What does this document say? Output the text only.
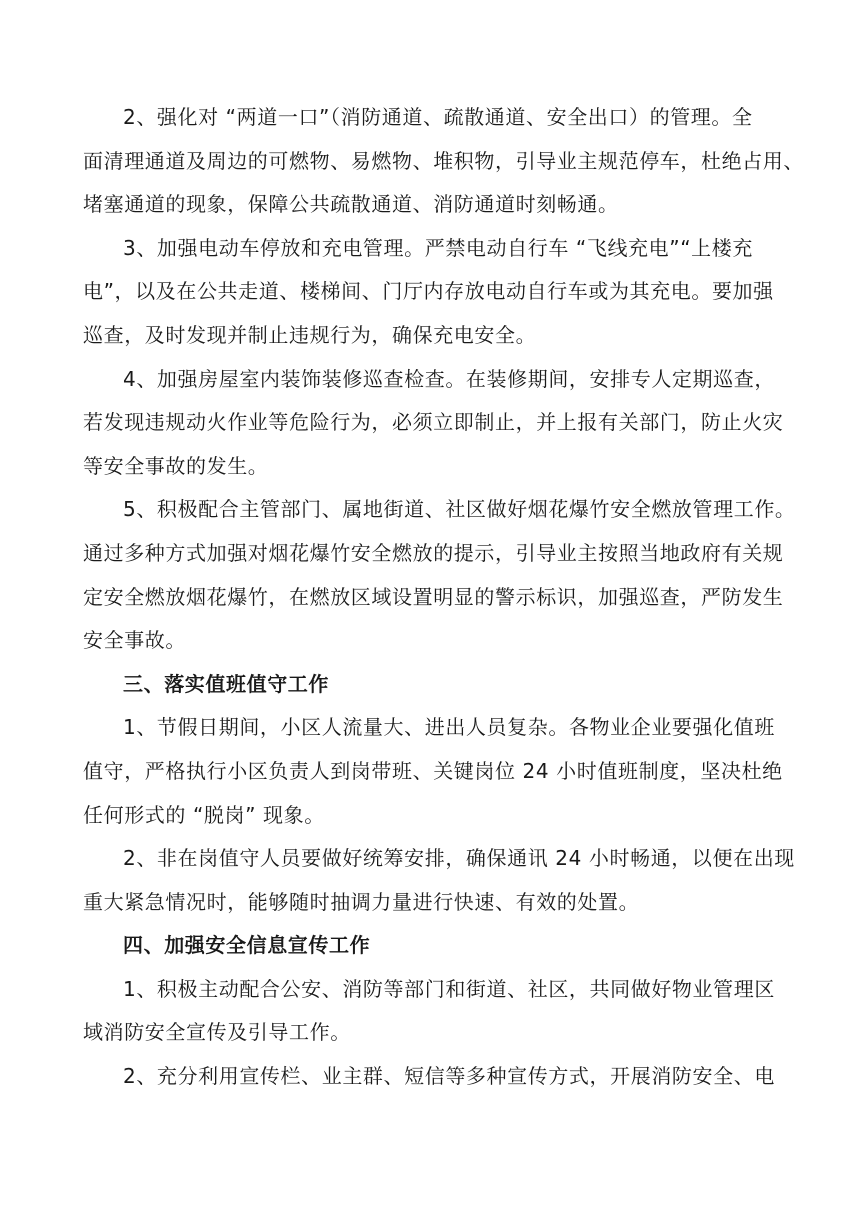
2、强化对 “两道一口”（消防通道、疏散通道、安全出口）的管理。全
面清理通道及周边的可燃物、易燃物、堆积物，引导业主规范停车，杜绝占用、
堵塞通道的现象，保障公共疏散通道、消防通道时刻畅通。
3、加强电动车停放和充电管理。严禁电动自行车 “飞线充电”“上楼充
电”，以及在公共走道、楼梯间、门厅内存放电动自行车或为其充电。要加强
巡查，及时发现并制止违规行为，确保充电安全。
4、加强房屋室内装饰装修巡查检查。在装修期间，安排专人定期巡查，
若发现违规动火作业等危险行为，必须立即制止，并上报有关部门，防止火灾
等安全事故的发生。
5、积极配合主管部门、属地街道、社区做好烟花爆竹安全燃放管理工作。
通过多种方式加强对烟花爆竹安全燃放的提示，引导业主按照当地政府有关规
定安全燃放烟花爆竹，在燃放区域设置明显的警示标识，加强巡查，严防发生
安全事故。
三、落实值班值守工作
1、节假日期间，小区人流量大、进出人员复杂。各物业企业要强化值班
值守，严格执行小区负责人到岗带班、关键岗位 24 小时值班制度，坚决杜绝
任何形式的 “脱岗” 现象。
2、非在岗值守人员要做好统筹安排，确保通讯 24 小时畅通，以便在出现
重大紧急情况时，能够随时抽调力量进行快速、有效的处置。
四、加强安全信息宣传工作
1、积极主动配合公安、消防等部门和街道、社区，共同做好物业管理区
域消防安全宣传及引导工作。
2、充分利用宣传栏、业主群、短信等多种宣传方式，开展消防安全、电
